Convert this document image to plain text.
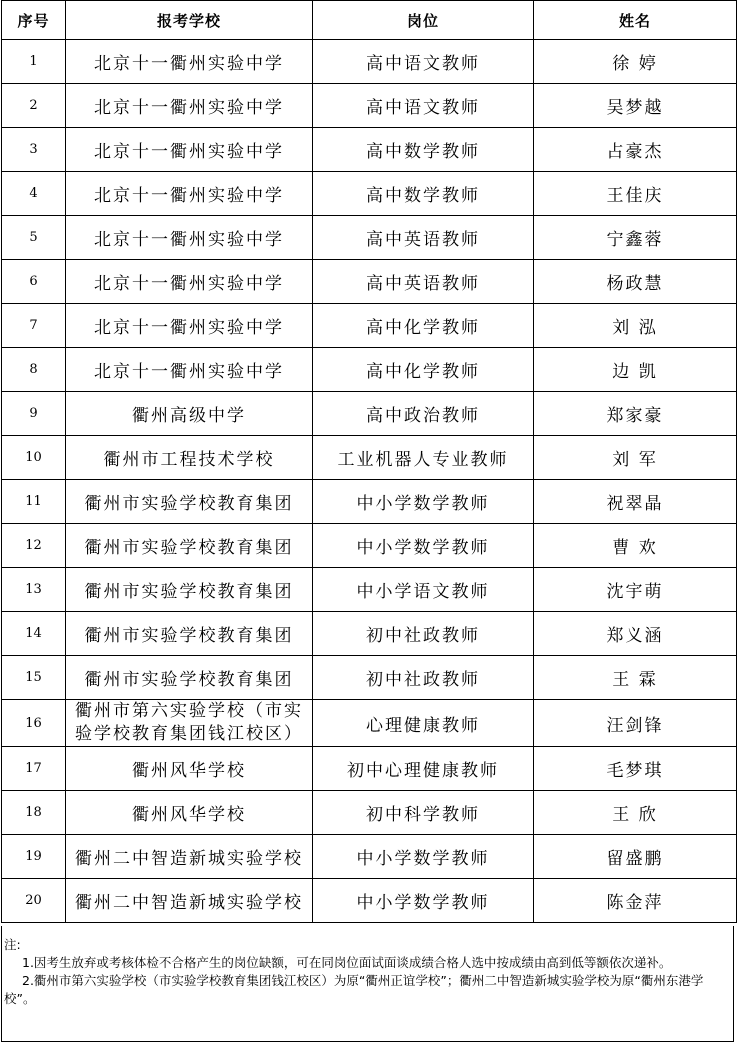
序号	报考学校	岗位	姓名
1	北京十一衢州实验中学	高中语文教师	徐 婷
2	北京十一衢州实验中学	高中语文教师	吴梦越
3	北京十一衢州实验中学	高中数学教师	占豪杰
4	北京十一衢州实验中学	高中数学教师	王佳庆
5	北京十一衢州实验中学	高中英语教师	宁鑫蓉
6	北京十一衢州实验中学	高中英语教师	杨政慧
7	北京十一衢州实验中学	高中化学教师	刘 泓
8	北京十一衢州实验中学	高中化学教师	边 凯
9	衢州高级中学	高中政治教师	郑家豪
10	衢州市工程技术学校	工业机器人专业教师	刘 军
11	衢州市实验学校教育集团	中小学数学教师	祝翠晶
12	衢州市实验学校教育集团	中小学数学教师	曹 欢
13	衢州市实验学校教育集团	中小学语文教师	沈宇萌
14	衢州市实验学校教育集团	初中社政教师	郑义涵
15	衢州市实验学校教育集团	初中社政教师	王 霖
16	衢州市第六实验学校（市实验学校教育集团钱江校区）	心理健康教师	汪剑锋
17	衢州风华学校	初中心理健康教师	毛梦琪
18	衢州风华学校	初中科学教师	王 欣
19	衢州二中智造新城实验学校	中小学数学教师	留盛鹏
20	衢州二中智造新城实验学校	中小学数学教师	陈金萍
注:
1.因考生放弃或考核体检不合格产生的岗位缺额，可在同岗位面试面谈成绩合格人选中按成绩由高到低等额依次递补。
2.衢州市第六实验学校（市实验学校教育集团钱江校区）为原“衢州正谊学校”；衢州二中智造新城实验学校为原“衢州东港学校”。
